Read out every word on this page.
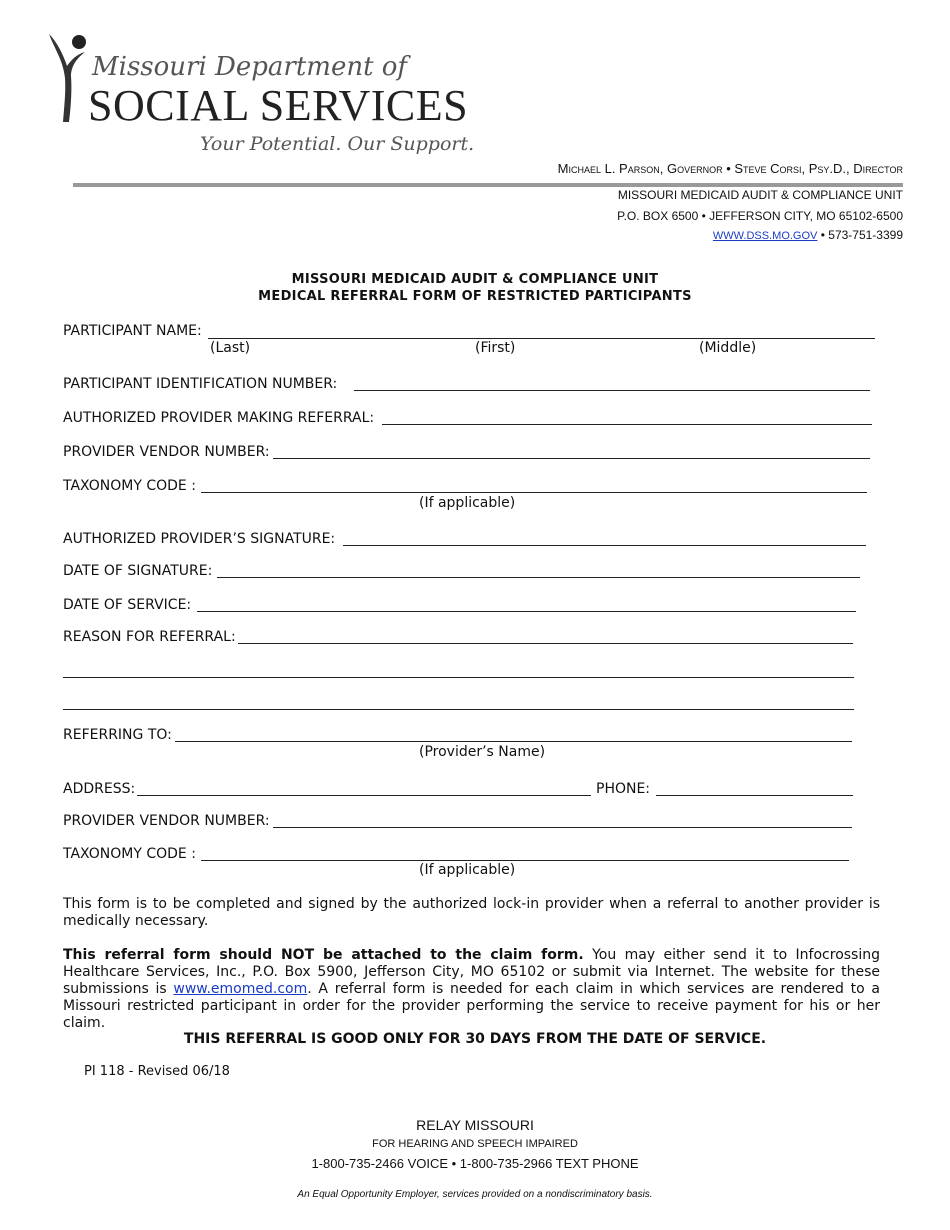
Missouri Department of
SOCIAL SERVICES
Your Potential. Our Support.
Michael L. Parson, Governor • Steve Corsi, Psy.D., Director
MISSOURI MEDICAID AUDIT & COMPLIANCE UNIT
P.O. BOX 6500 • JEFFERSON CITY, MO 65102-6500
WWW.DSS.MO.GOV • 573-751-3399
MISSOURI MEDICAID AUDIT & COMPLIANCE UNIT
MEDICAL REFERRAL FORM OF RESTRICTED PARTICIPANTS
PARTICIPANT NAME:
(Last)	(First)	(Middle)
PARTICIPANT IDENTIFICATION NUMBER:
AUTHORIZED PROVIDER MAKING REFERRAL:
PROVIDER VENDOR NUMBER:
TAXONOMY CODE :
(If applicable)
AUTHORIZED PROVIDER’S SIGNATURE:
DATE OF SIGNATURE:
DATE OF SERVICE:
REASON FOR REFERRAL:
REFERRING TO:
(Provider’s Name)
ADDRESS:	PHONE:
PROVIDER VENDOR NUMBER:
TAXONOMY CODE :
(If applicable)
This form is to be completed and signed by the authorized lock-in provider when a referral to another provider is medically necessary.
This referral form should NOT be attached to the claim form. You may either send it to Infocrossing Healthcare Services, Inc., P.O. Box 5900, Jefferson City, MO 65102 or submit via Internet. The website for these submissions is www.emomed.com. A referral form is needed for each claim in which services are rendered to a Missouri restricted participant in order for the provider performing the service to receive payment for his or her claim.
THIS REFERRAL IS GOOD ONLY FOR 30 DAYS FROM THE DATE OF SERVICE.
PI 118 - Revised 06/18
RELAY MISSOURI
FOR HEARING AND SPEECH IMPAIRED
1-800-735-2466 VOICE • 1-800-735-2966 TEXT PHONE
An Equal Opportunity Employer, services provided on a nondiscriminatory basis.
